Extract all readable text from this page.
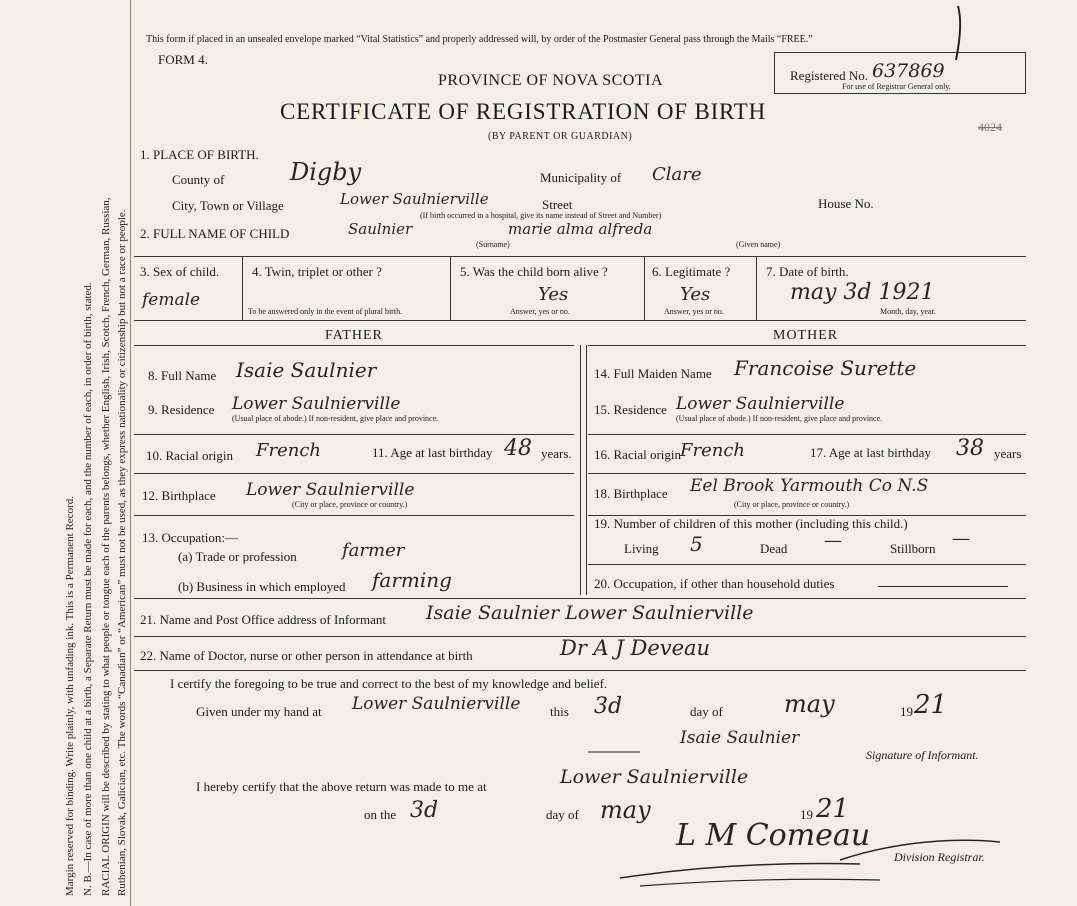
Margin reserved for binding. Write plainly, with unfading ink. This is a Permanent Record. N. B.—In case of more than one child at a birth, a Separate Return must be made for each, and the number of each, in order of birth, stated. RACIAL ORIGIN will be described by stating to what people or tongue each of the parents belongs, whether English, Irish, Scotch, French, German, Russian, Ruthenian, Slovak, Galician, etc. The words “Canadian” or “American” must not be used, as they express nationality or citizenship but not a race or people.
This form if placed in an unsealed envelope marked “Vital Statistics” and properly addressed will, by order of the Postmaster General pass through the Mails “FREE.”
FORM 4.
PROVINCE OF NOVA SCOTIA
CERTIFICATE OF REGISTRATION OF BIRTH
(BY PARENT OR GUARDIAN)
Registered No. 637869
For use of Registrar General only.
4024
1. PLACE OF BIRTH.
County of	Digby	Municipality of Clare
City, Town or Village	Lower Saulnierville	Street	House No.
(If birth occurred in a hospital, give its name instead of Street and Number)
2. FULL NAME OF CHILD	Saulnier	marie alma alfreda
(Surname)	(Given name)
3. Sex of child.
female
4. Twin, triplet or other ?
To be answered only in the event of plural birth.
5. Was the child born alive ?
Yes
Answer, yes or no.
6. Legitimate ?
Yes
Answer, yes or no.
7. Date of birth.
may 3d 1921
Month, day, year.
FATHER	MOTHER
8. Full Name Isaie Saulnier
9. Residence Lower Saulnierville
(Usual place of abode.) If non-resident, give place and province.
10. Racial origin French	11. Age at last birthday 48 years.
12. Birthplace Lower Saulnierville
(City or place, province or country.)
13. Occupation:—
(a) Trade or profession	farmer
(b) Business in which employed farming
14. Full Maiden Name Francoise Surette
15. Residence Lower Saulnierville
(Usual place of abode.) If non-resident, give place and province.
16. Racial origin
French	17. Age at last birthday 38 years
18. Birthplace Eel Brook Yarmouth Co N.S
(City or place, province or country.)
19. Number of children of this mother (including this child.)
Living 5	Dead —	Stillborn —
20. Occupation, if other than household duties
21. Name and Post Office address of Informant Isaie Saulnier Lower Saulnierville
22. Name of Doctor, nurse or other person in attendance at birth	Dr A J Deveau
I certify the foregoing to be true and correct to the best of my knowledge and belief.
Given under my hand at Lower Saulnierville this 3d	day of	may	19 21
Isaie Saulnier
Signature of Informant.
I hereby certify that the above return was made to me at	Lower Saulnierville
on the 3d	day of may	19 21
L M Comeau
Division Registrar.
